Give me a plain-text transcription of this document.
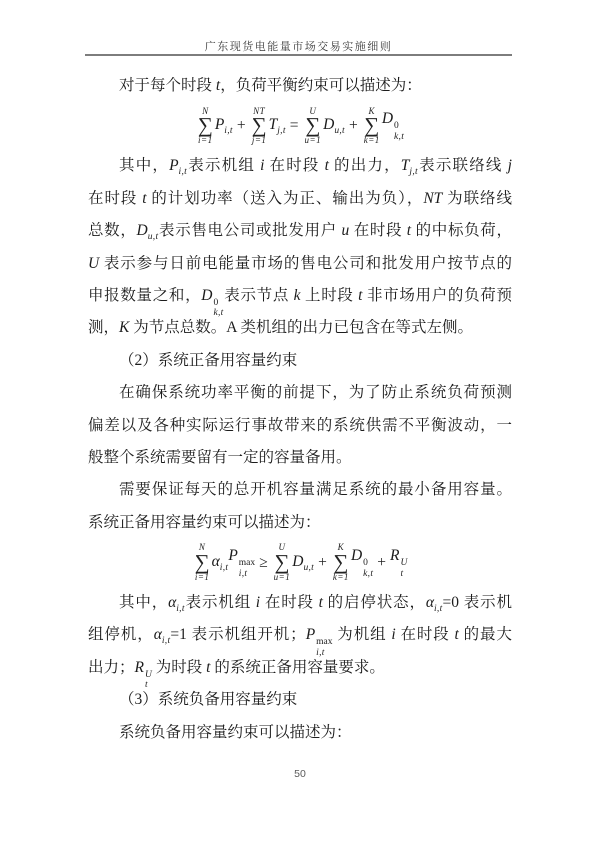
广东现货电能量市场交易实施细则
对于每个时段 t，负荷平衡约束可以描述为：
N
∑
i=1
$P_{i,t}$ +
NT
∑
j=1
$T_{j,t}$ =
U
∑
u=1
$D_{u,t}$ +
K
∑
k=1
D 0
k,t
其中，$P_{i,t}$表示机组 i 在时段 t 的出力，$T_{j,t}$表示联络线 j
在时段 t 的计划功率（送入为正、输出为负），NT 为联络线
总数，$D_{u,t}$表示售电公司或批发用户 u 在时段 t 的中标负荷，
U 表示参与日前电能量市场的售电公司和批发用户按节点的
申报数量之和，D 0
k,t
表示节点 k 上时段 t 非市场用户的负荷预
测，K 为节点总数。A 类机组的出力已包含在等式左侧。
（2）系统正备用容量约束
在确保系统功率平衡的前提下，为了防止系统负荷预测
偏差以及各种实际运行事故带来的系统供需不平衡波动，一
般整个系统需要留有一定的容量备用。
需要保证每天的总开机容量满足系统的最小备用容量。
系统正备用容量约束可以描述为：
N
∑
i=1
$\alpha_{i,t}$
P max
i,t
≥
U
∑
u=1
$D_{u,t}$ +
K
∑
k=1
D 0
k,t
+ R U
t
其中，$\alpha_{i,t}$表示机组 i 在时段 t 的启停状态，$\alpha_{i,t}=0$ 表示机
组停机，$\alpha_{i,t}=1$ 表示机组开机；P max
i,t
为机组 i 在时段 t 的最大
出力；R U
t
为时段 t 的系统正备用容量要求。
（3）系统负备用容量约束
系统负备用容量约束可以描述为：
50
